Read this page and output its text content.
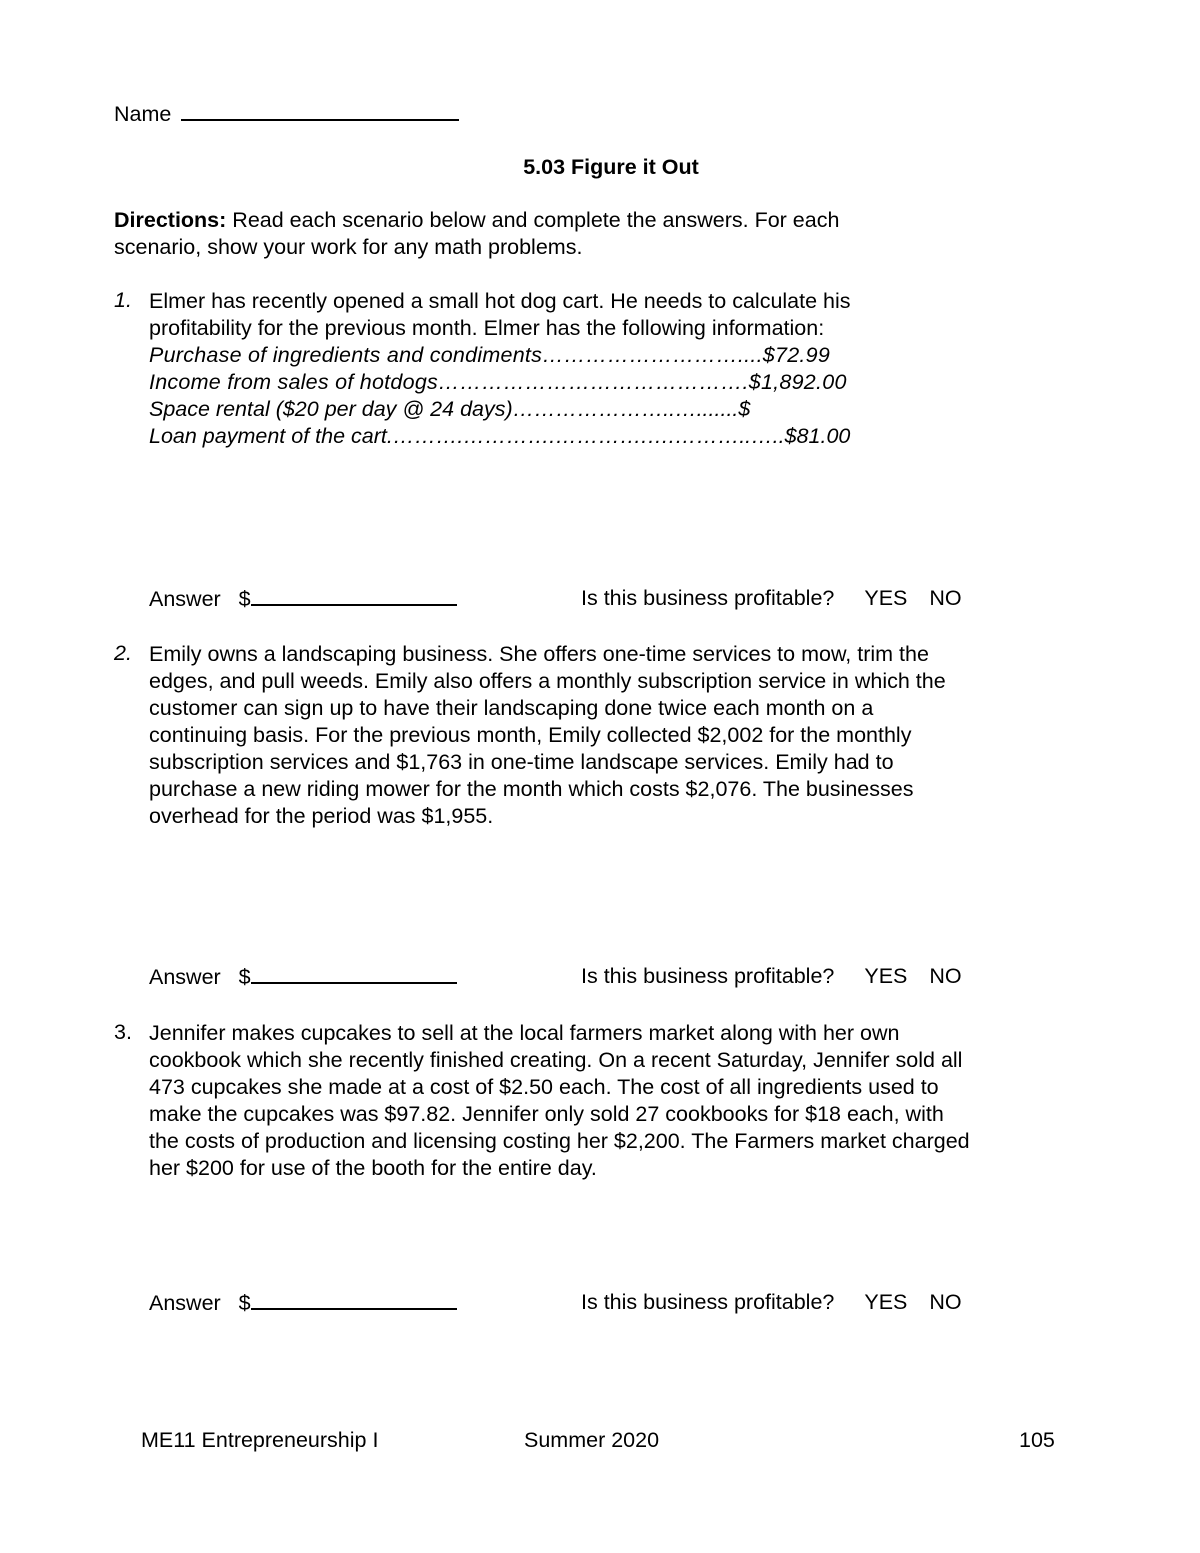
Name
5.03 Figure it Out
Directions: Read each scenario below and complete the answers. For each
scenario, show your work for any math problems.
1. Elmer has recently opened a small hot dog cart. He needs to calculate his
profitability for the previous month. Elmer has the following information:
Purchase of ingredients and condiments………………………....$72.99
Income from sales of hotdogs…………………………………….$1,892.00
Space rental ($20 per day @ 24 days)…………………..….......$
Loan payment of the cart.……….………….………….….………..…..$81.00
Answer $	Is this business profitable? YES NO
2. Emily owns a landscaping business. She offers one-time services to mow, trim the
edges, and pull weeds. Emily also offers a monthly subscription service in which the
customer can sign up to have their landscaping done twice each month on a
continuing basis. For the previous month, Emily collected $2,002 for the monthly
subscription services and $1,763 in one-time landscape services. Emily had to
purchase a new riding mower for the month which costs $2,076. The businesses
overhead for the period was $1,955.
Answer $	Is this business profitable? YES NO
3. Jennifer makes cupcakes to sell at the local farmers market along with her own
cookbook which she recently finished creating. On a recent Saturday, Jennifer sold all
473 cupcakes she made at a cost of $2.50 each. The cost of all ingredients used to
make the cupcakes was $97.82. Jennifer only sold 27 cookbooks for $18 each, with
the costs of production and licensing costing her $2,200. The Farmers market charged
her $200 for use of the booth for the entire day.
Answer $	Is this business profitable? YES NO
ME11 Entrepreneurship I	Summer 2020	105
